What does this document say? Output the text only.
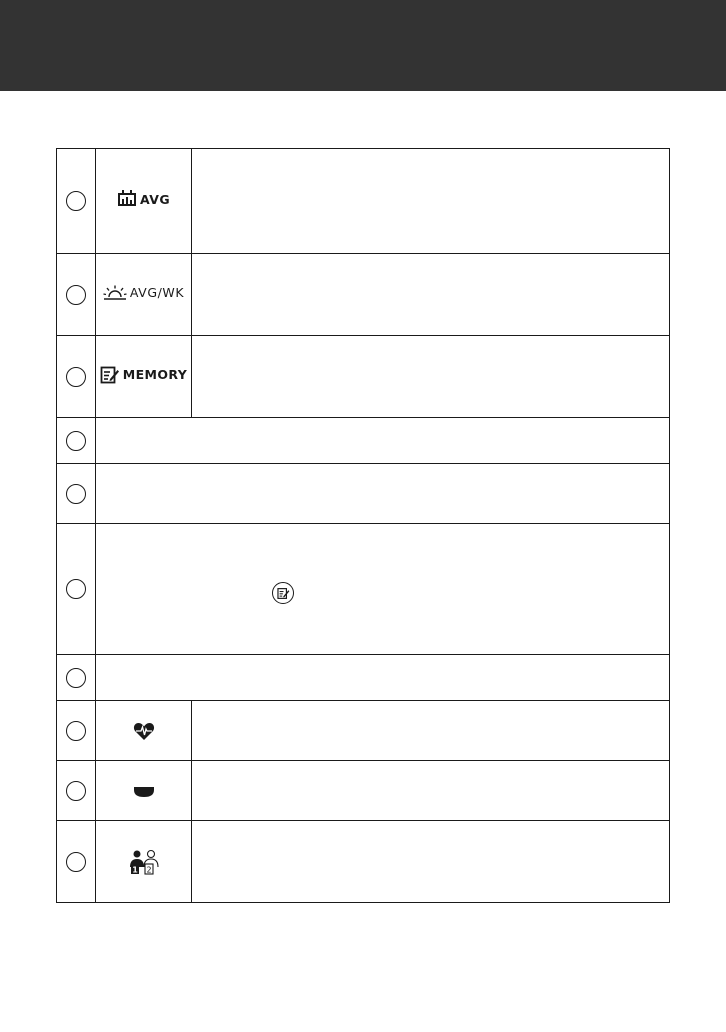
	AVG	

	AVG/WK	

	MEMORY	

1 2	
